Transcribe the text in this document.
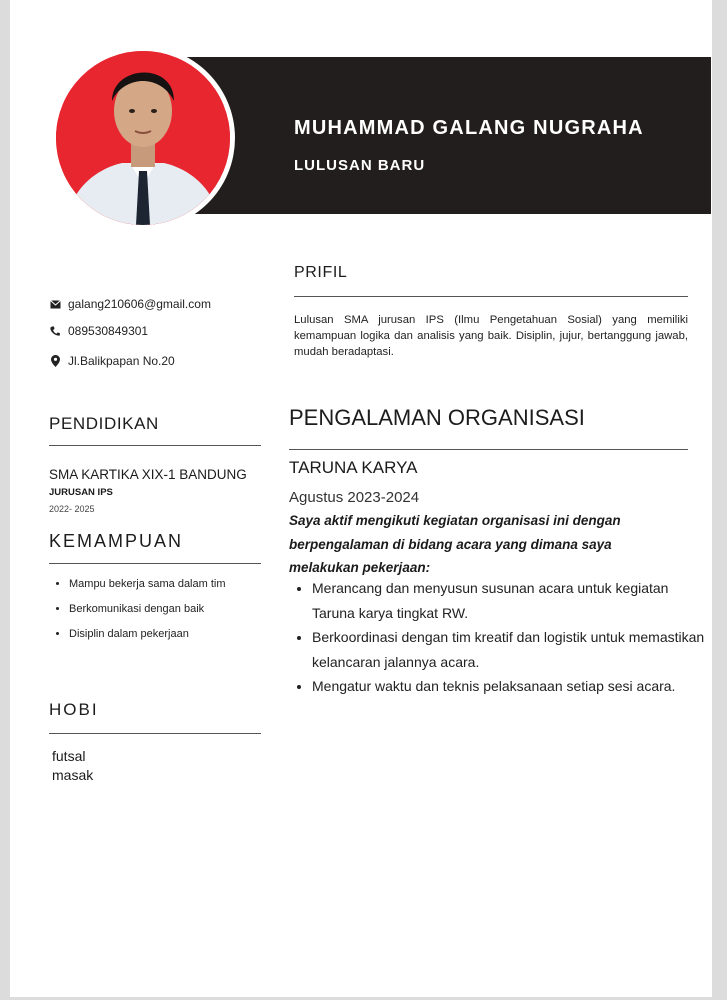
MUHAMMAD GALANG NUGRAHA
LULUSAN BARU
galang210606@gmail.com
089530849301
Jl.Balikpapan No.20
PENDIDIKAN
SMA KARTIKA XIX-1 BANDUNG
JURUSAN IPS
2022- 2025
KEMAMPUAN
• Mampu bekerja sama dalam tim
• Berkomunikasi dengan baik
• Disiplin dalam pekerjaan
HOBI
futsal
masak
PRIFIL

Lulusan SMA jurusan IPS (Ilmu Pengetahuan Sosial) yang memiliki kemampuan logika dan analisis yang baik. Disiplin, jujur, bertanggung jawab, mudah beradaptasi.

PENGALAMAN ORGANISASI
TARUNA KARYA
Agustus 2023-2024

Saya aktif mengikuti kegiatan organisasi ini dengan berpengalaman di bidang acara yang dimana saya melakukan pekerjaan:

• Merancang dan menyusun susunan acara untuk kegiatan Taruna karya tingkat RW.
• Berkoordinasi dengan tim kreatif dan logistik untuk memastikan kelancaran jalannya acara.
• Mengatur waktu dan teknis pelaksanaan setiap sesi acara.
